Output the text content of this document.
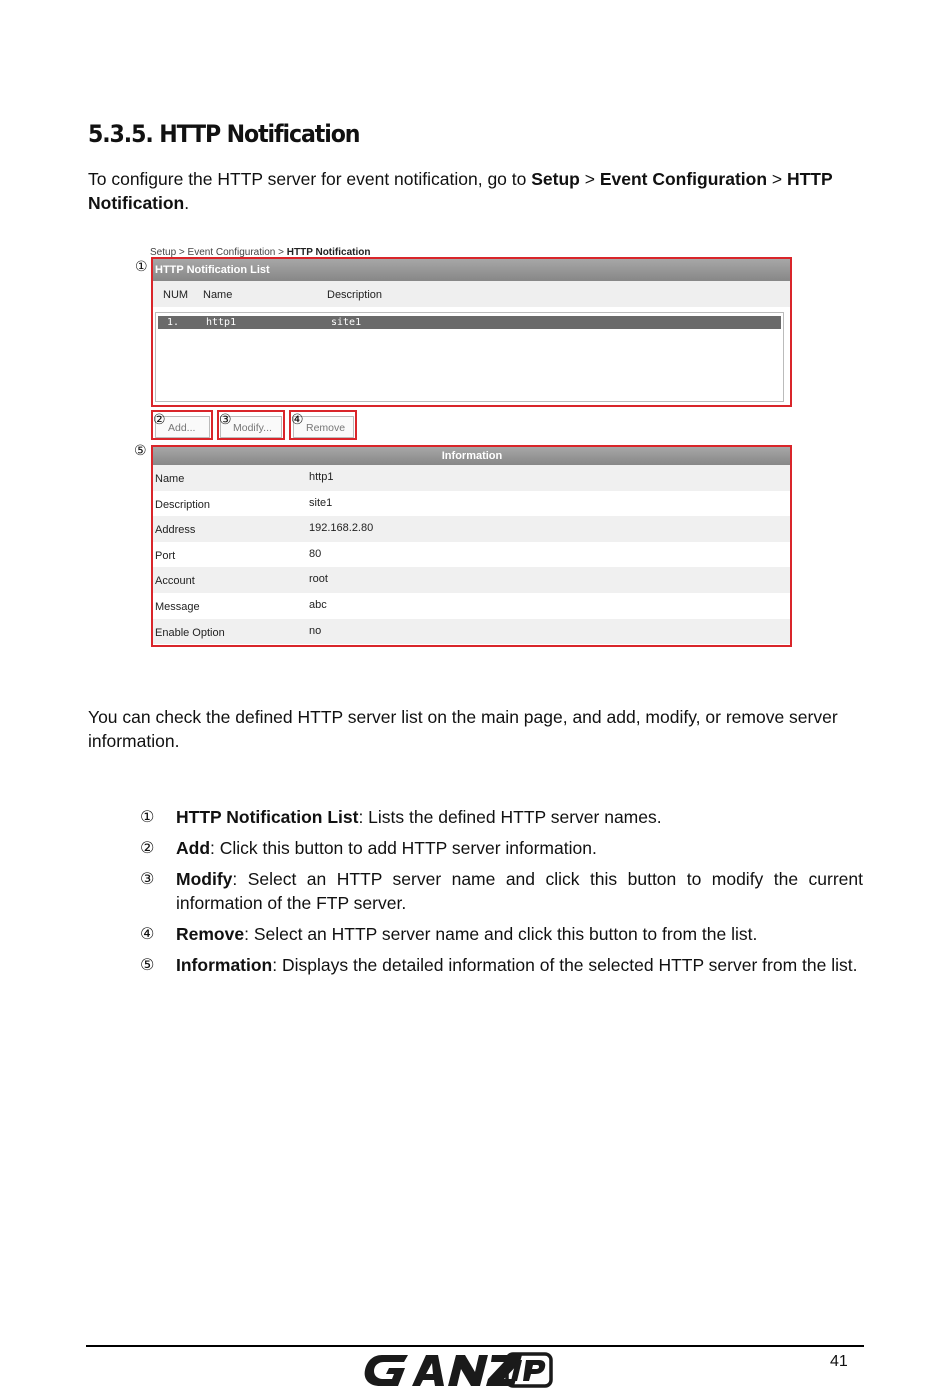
5.3.5. HTTP Notification

To configure the HTTP server for event notification, go to Setup > Event Configuration > HTTP Notification.

Setup > Event Configuration > HTTP Notification
HTTP Notification List
NUM Name	Description
1.	http1	site1
Add...	Modify...	Remove
Information
Name	http1
Description	site1
Address	192.168.2.80
Port	80
Account	root
Message	abc
Enable Option	no
①
②	③	④
⑤

You can check the defined HTTP server list on the main page, and add, modify, or remove server information.

① HTTP Notification List: Lists the defined HTTP server names.
② Add: Click this button to add HTTP server information.
③ Modify: Select an HTTP server name and click this button to modify the current information of the FTP server.
④ Remove: Select an HTTP server name and click this button to from the list.
⑤ Information: Displays the detailed information of the selected HTTP server from the list.
41
